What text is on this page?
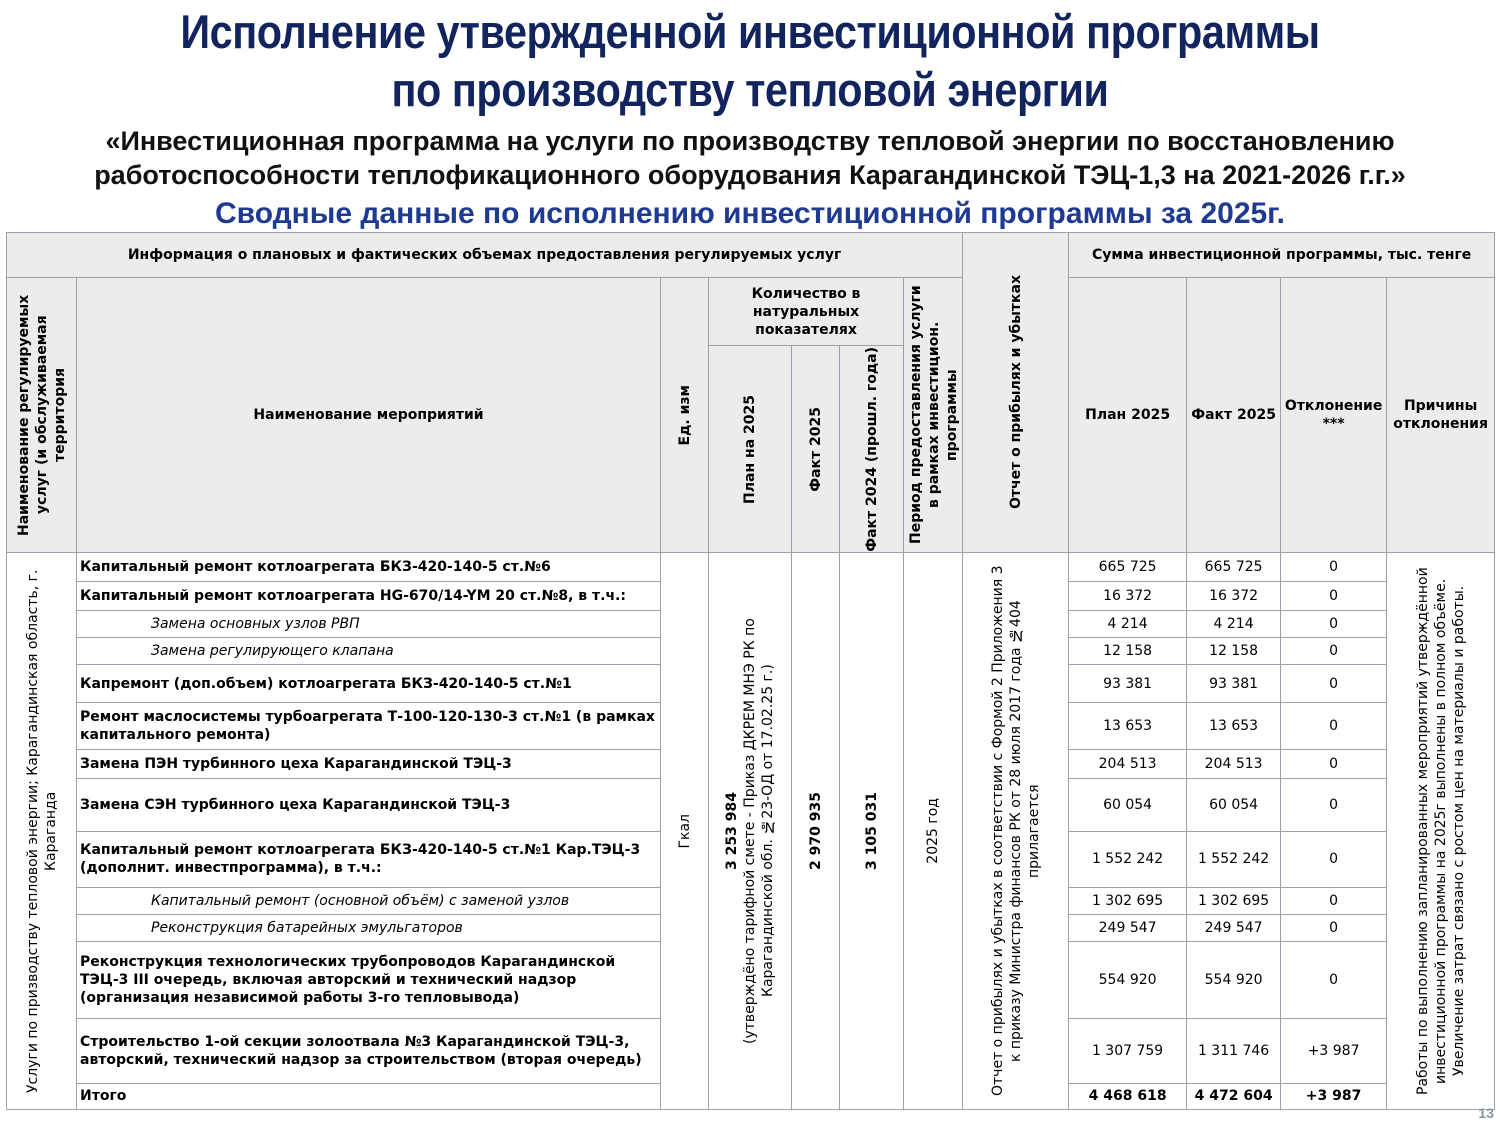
Исполнение утвержденной инвестиционной программы
по производству тепловой энергии
«Инвестиционная программа на услуги по производству тепловой энергии по восстановлению
работоспособности теплофикационного оборудования Карагандинской ТЭЦ-1,3 на 2021-2026 г.г.»
Сводные данные по исполнению инвестиционной программы за 2025г.
Информация о плановых и фактических объемах предоставления регулируемых услуг							Отчет о прибылях и убытках	Сумма инвестиционной программы, тыс. тенге			

Наименование регулируемых услуг (и обслуживаемая территория	Наименование мероприятий	Ед. изм	Количество в натуральных показателях			Период предоставления услуги в рамках инвестицион. программы		План 2025	Факт 2025	Отклонение ***	Причины отклонения

			План на 2025	Факт 2025	Факт 2024 (прошл. года)						

Услуги по призводству тепловой энергии; Карагандинская область, г. Караганда	Капитальный ремонт котлоагрегата БКЗ-420-140-5 ст.№6	Гкал	3 253 984 (утверждёно тарифной смете - Приказ ДКРЕМ МНЭ РК по Карагандинской обл. №23-ОД от 17.02.25 г.)	2 970 935	3 105 031	2025 год	Отчет о прибылях и убытках в соответствии с Формой 2 Приложения 3 к приказу Министра финансов РК от 28 июля 2017 года №404 прилагается	665 725	665 725	0	Работы по выполнению запланированных мероприятий утверждённой инвестиционной программы на 2025г выполнены в полном объёме. Увеличение затрат связано с ростом цен на материалы и работы.

	Капитальный ремонт котлоагрегата HG-670/14-YM 20 ст.№8, в т.ч.:							16 372	16 372	0	
	Замена основных узлов РВП							4 214	4 214	0	
	Замена регулирующего клапана							12 158	12 158	0	
	Капремонт (доп.объем) котлоагрегата БКЗ-420-140-5 ст.№1							93 381	93 381	0	
	Ремонт маслосистемы турбоагрегата Т-100-120-130-3 ст.№1 (в рамках капитального ремонта)							13 653	13 653	0	
	Замена ПЭН турбинного цеха Карагандинской ТЭЦ-3							204 513	204 513	0	
	Замена СЭН турбинного цеха Карагандинской ТЭЦ-3							60 054	60 054	0	
	Капитальный ремонт котлоагрегата БКЗ-420-140-5 ст.№1 Кар.ТЭЦ-3 (дополнит. инвестпрограмма), в т.ч.:							1 552 242	1 552 242	0	
	Капитальный ремонт (основной объём) с заменой узлов							1 302 695	1 302 695	0	
	Реконструкция батарейных эмульгаторов							249 547	249 547	0	
	Реконструкция технологических трубопроводов Карагандинской ТЭЦ-3 III очередь, включая авторский и технический надзор (организация независимой работы 3-го тепловывода)							554 920	554 920	0	
	Строительство 1-ой секции золоотвала №3 Карагандинской ТЭЦ-3, авторский, технический надзор за строительством (вторая очередь)							1 307 759	1 311 746	+3 987	
	Итого							4 468 618	4 472 604	+3 987	
13
